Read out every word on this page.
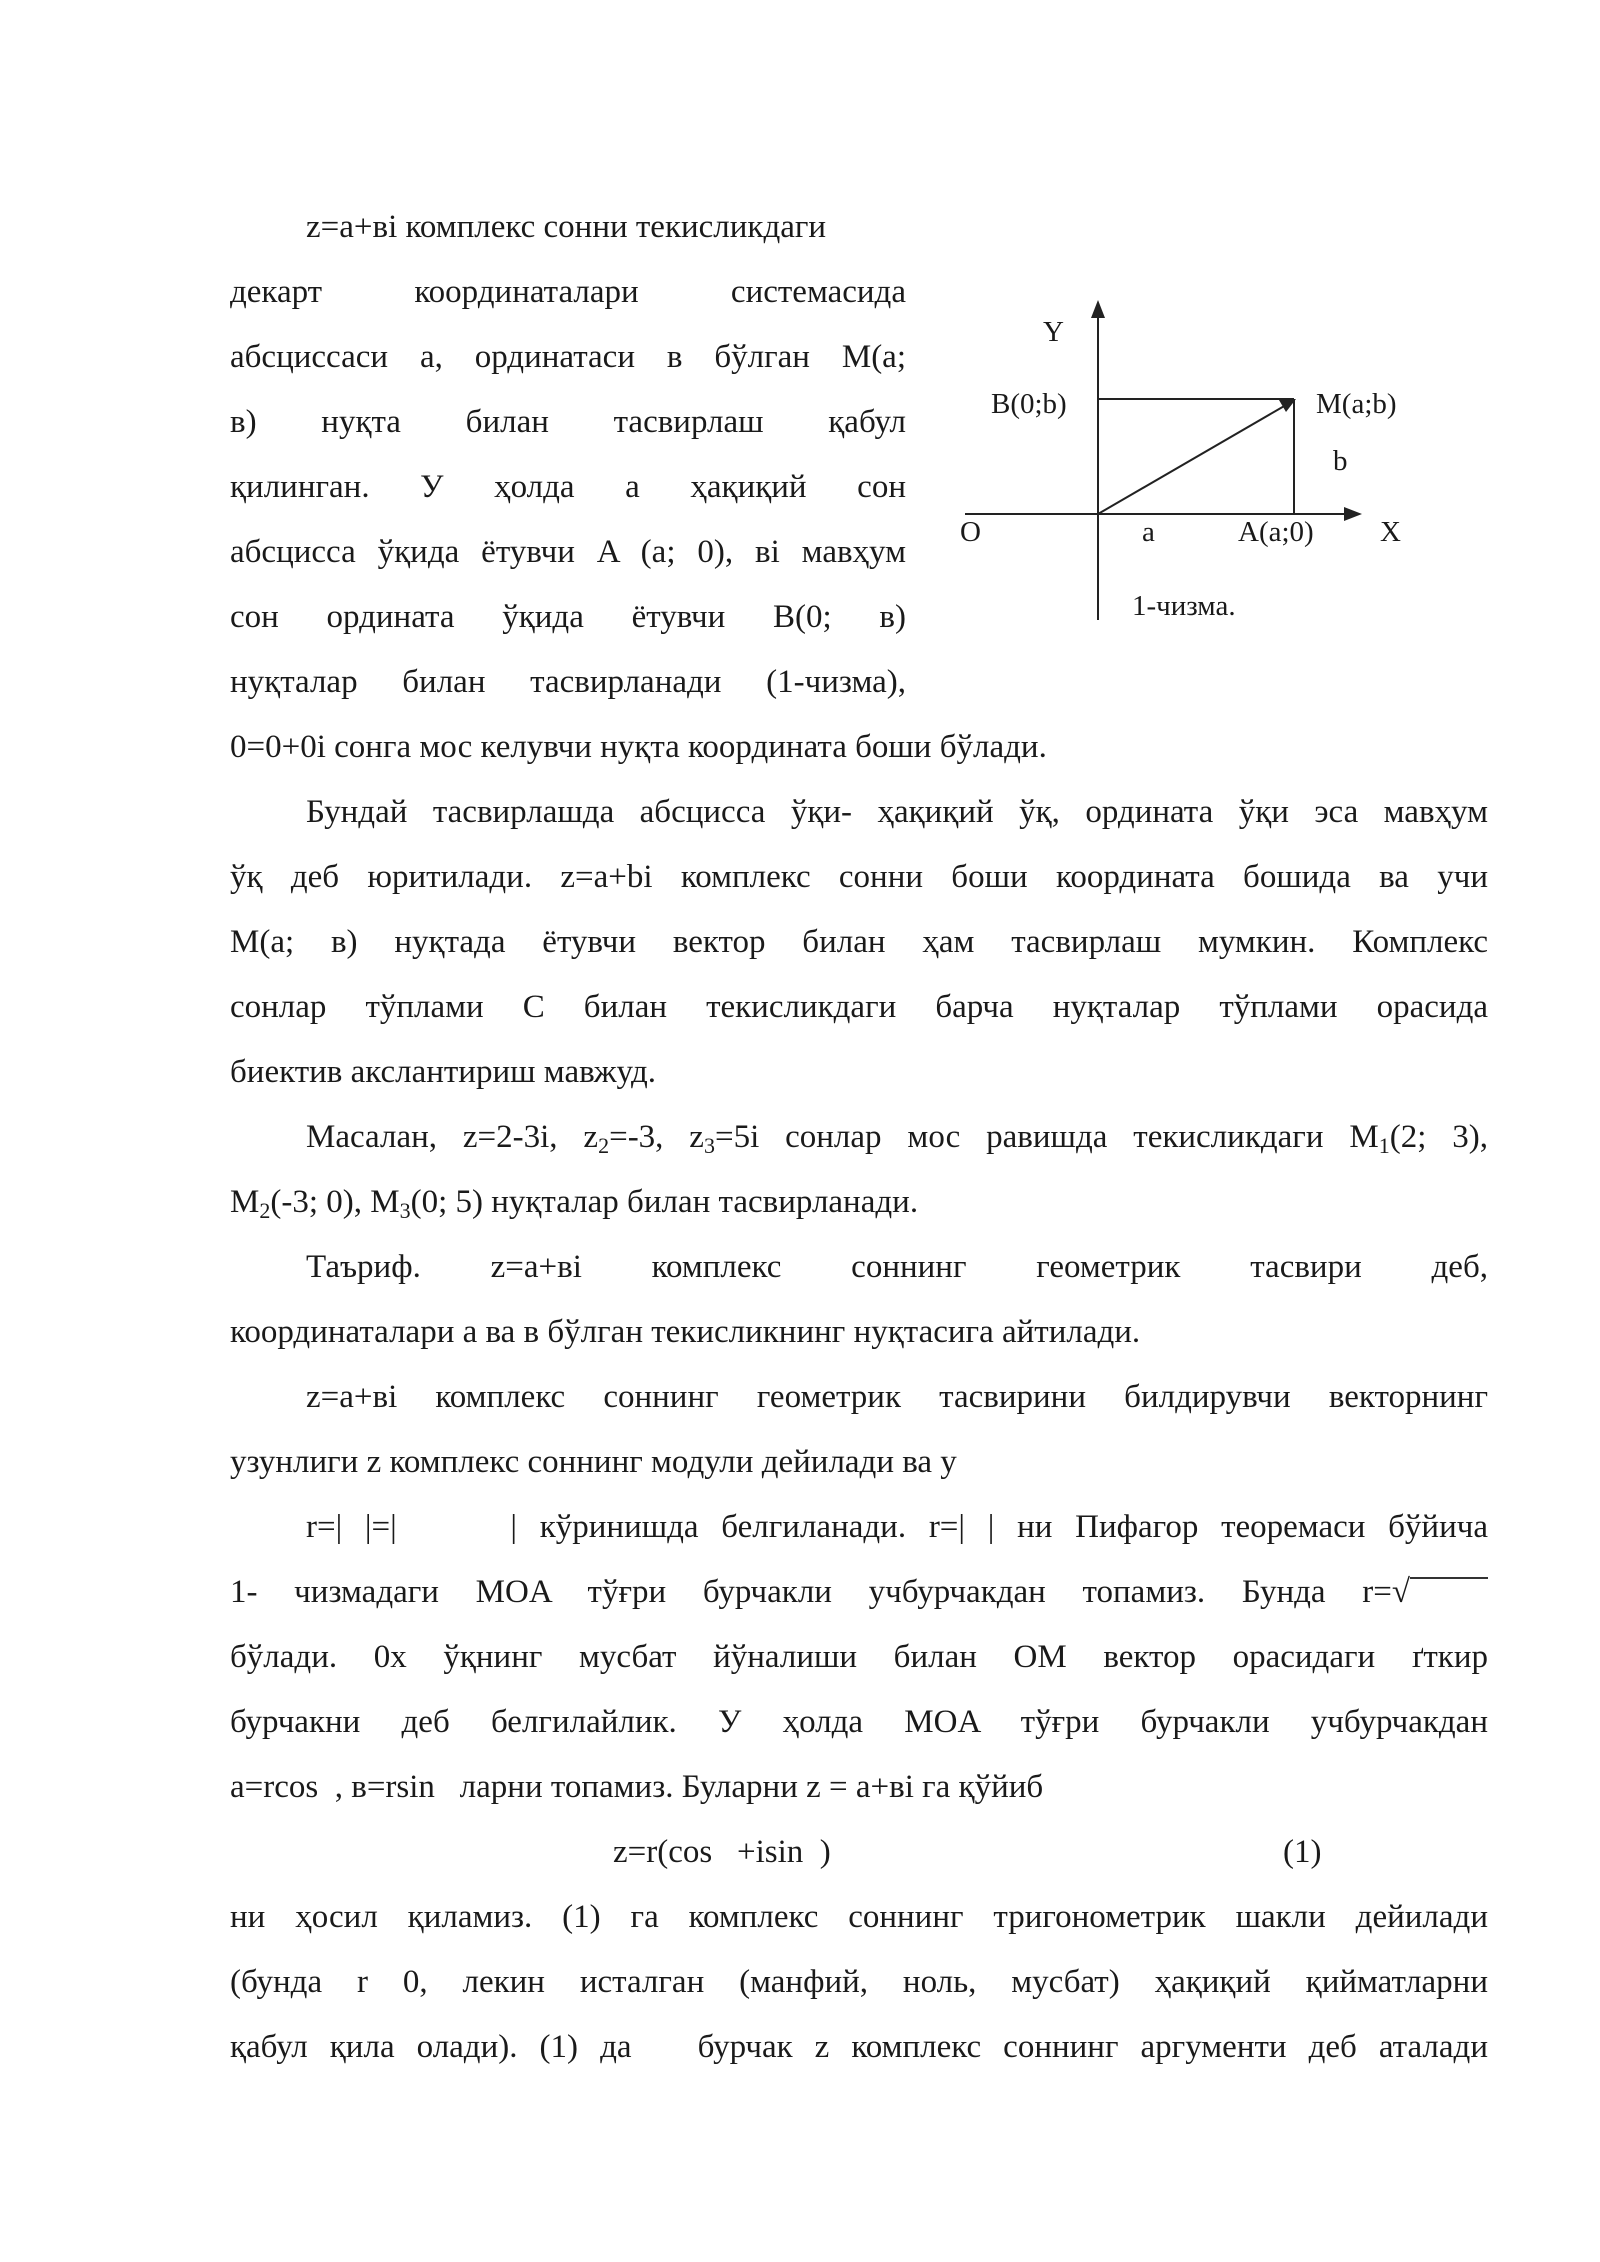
z=a+вi комплекс сонни текисликдаги
декарт координаталари системасида
абсциссаси a, ординатаси в бўлган M(a;
в) нуқта билан тасвирлаш қабул
қилинган. У ҳолда a ҳақиқий сон
абсцисса ўқида ётувчи A (a; 0), вi мавҳум
сон ордината ўқида ётувчи B(0; в)
нуқталар билан тасвирланади (1-чизма),
0=0+0i сонга мос келувчи нуқта координата боши бўлади.
Y
B(0;b)	M(a;b)
b
O	a	A(a;0) X
1-чизма.
Бундай тасвирлашда абсцисса ўқи- ҳақиқий ўқ, ордината ўқи эса мавҳум
ўқ деб юритилади. z=a+bi комплекс сонни боши координата бошида ва учи
M(a; в) нуқтада ётувчи вектор билан ҳам тасвирлаш мумкин. Комплекс
сонлар тўплами C билан текисликдаги барча нуқталар тўплами орасида
биектив акслантириш мавжуд.
Масалан, z=2-3i, $z_2=-3$, $z_3=5i$ сонлар мос равишда текисликдаги $M_1(2$; 3),
$M_2(-3$; 0), $M_3(0$; 5) нуқталар билан тасвирланади.
Таъриф. z=a+вi комплекс соннинг геометрик тасвири деб,
координаталари a ва в бўлган текисликнинг нуқтасига айтилади.
z=a+вi комплекс соннинг геометрик тасвирини билдирувчи векторнинг
узунлиги z комплекс соннинг модули дейилади ва у
r=| |=|     | кўринишда белгиланади. r=| | ни Пифагор теоремаси бўйича
1- чизмадаги MOA тўғри бурчакли учбурчакдан топамиз. Бунда r=√
бўлади. 0x ўқнинг мусбат йўналиши билан OM вектор орасидаги ґткир
бурчакни деб белгилайлик. У ҳолда MOA тўғри бурчакли учбурчакдан
a=rcos  , в=rsin   ларни топамиз. Буларни z = a+вi га қўйиб
z=r(cos   +isin  )	(1)
ни ҳосил қиламиз. (1) га комплекс соннинг тригонометрик шакли дейилади
(бунда r 0, лекин исталган (манфий, ноль, мусбат) ҳақиқий қийматларни
қабул қила олади). (1) да   бурчак z комплекс соннинг аргументи деб аталади
